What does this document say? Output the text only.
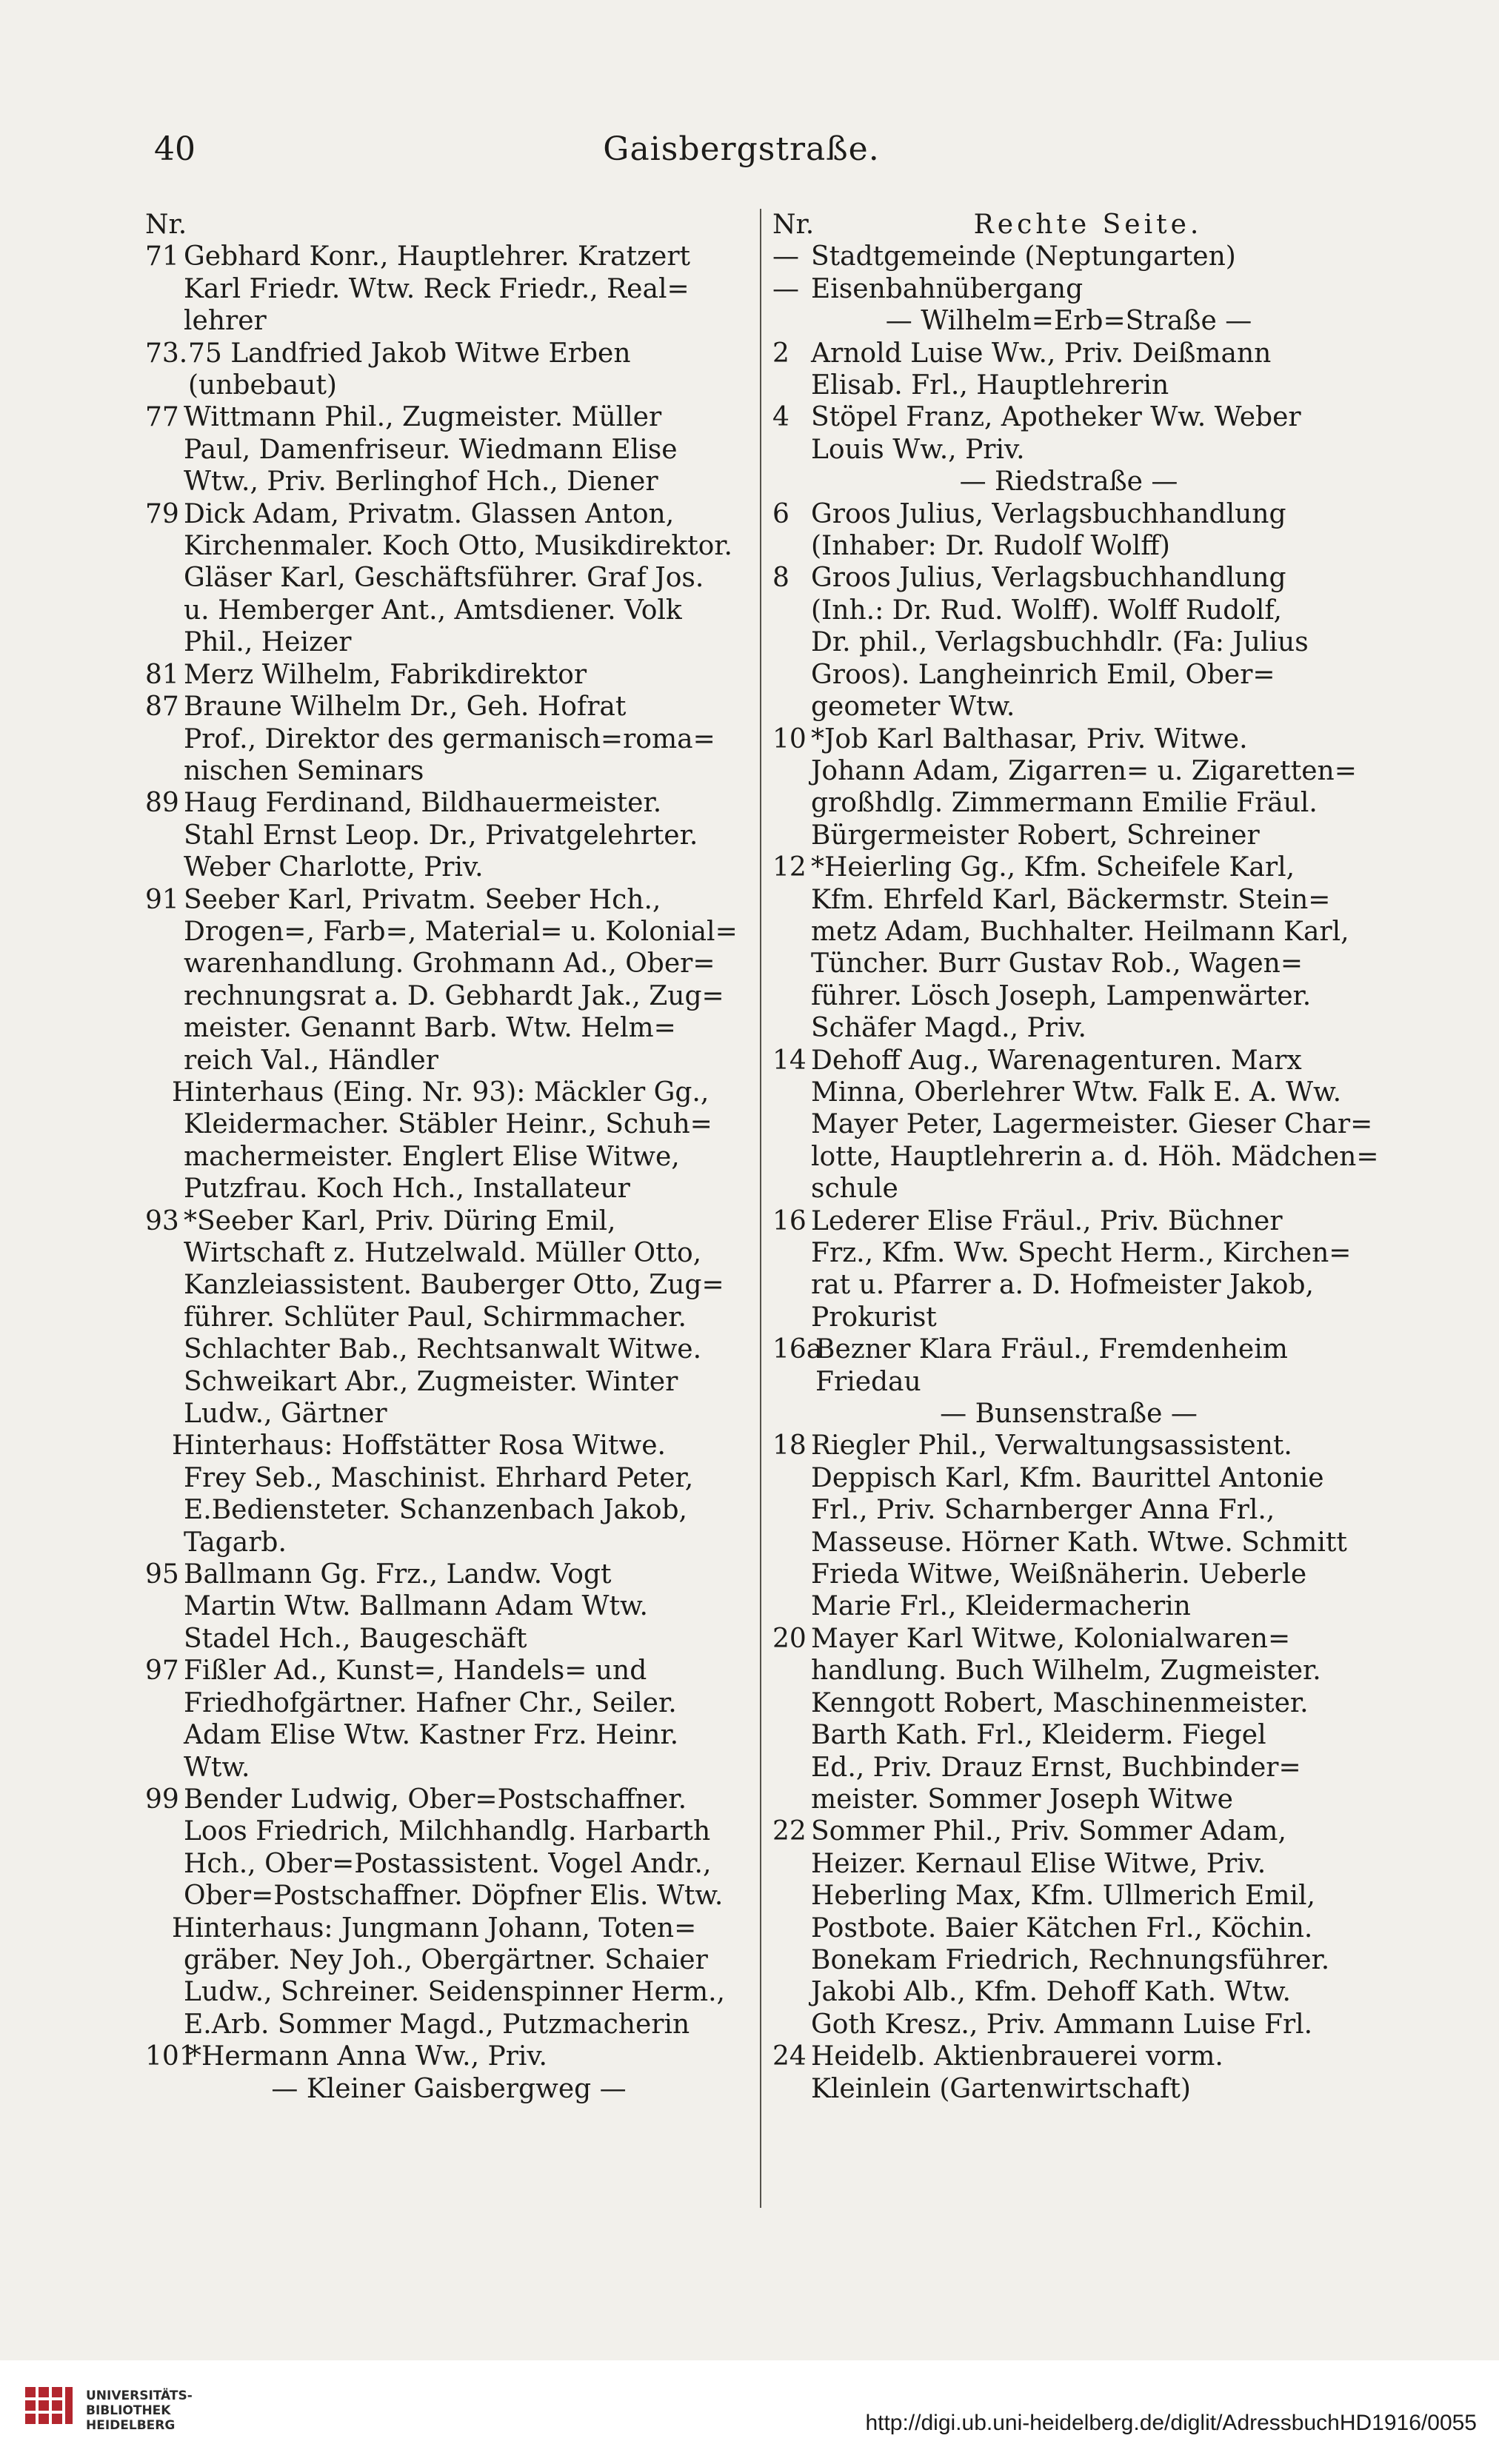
40	Gaisbergstraße.
Nr.
71 Gebhard Konr., Hauptlehrer. Kratzert
Karl Friedr. Wtw. Reck Friedr., Real=
lehrer
73. 75 Landfried Jakob Witwe Erben
(unbebaut)
77 Wittmann Phil., Zugmeister. Müller
Paul, Damenfriseur. Wiedmann Elise
Wtw., Priv. Berlinghof Hch., Diener
79 Dick Adam, Privatm. Glassen Anton,
Kirchenmaler. Koch Otto, Musikdirektor.
Gläser Karl, Geschäftsführer. Graf Jos.
u. Hemberger Ant., Amtsdiener. Volk
Phil., Heizer
81 Merz Wilhelm, Fabrikdirektor
87 Braune Wilhelm Dr., Geh. Hofrat
Prof., Direktor des germanisch=roma=
nischen Seminars
89 Haug Ferdinand, Bildhauermeister.
Stahl Ernst Leop. Dr., Privatgelehrter.
Weber Charlotte, Priv.
91 Seeber Karl, Privatm. Seeber Hch.,
Drogen=, Farb=, Material= u. Kolonial=
warenhandlung. Grohmann Ad., Ober=
rechnungsrat a. D. Gebhardt Jak., Zug=
meister. Genannt Barb. Wtw. Helm=
reich Val., Händler
Hinterhaus (Eing. Nr. 93): Mäckler Gg.,
Kleidermacher. Stäbler Heinr., Schuh=
machermeister. Englert Elise Witwe,
Putzfrau. Koch Hch., Installateur
93 *Seeber Karl, Priv. Düring Emil,
Wirtschaft z. Hutzelwald. Müller Otto,
Kanzleiassistent. Bauberger Otto, Zug=
führer. Schlüter Paul, Schirmmacher.
Schlachter Bab., Rechtsanwalt Witwe.
Schweikart Abr., Zugmeister. Winter
Ludw., Gärtner
Hinterhaus: Hoffstätter Rosa Witwe.
Frey Seb., Maschinist. Ehrhard Peter,
E.Bediensteter. Schanzenbach Jakob,
Tagarb.
95 Ballmann Gg. Frz., Landw. Vogt
Martin Wtw. Ballmann Adam Wtw.
Stadel Hch., Baugeschäft
97 Fißler Ad., Kunst=, Handels= und
Friedhofgärtner. Hafner Chr., Seiler.
Adam Elise Wtw. Kastner Frz. Heinr.
Wtw.
99 Bender Ludwig, Ober=Postschaffner.
Loos Friedrich, Milchhandlg. Harbarth
Hch., Ober=Postassistent. Vogel Andr.,
Ober=Postschaffner. Döpfner Elis. Wtw.
Hinterhaus: Jungmann Johann, Toten=
gräber. Ney Joh., Obergärtner. Schaier
Ludw., Schreiner. Seidenspinner Herm.,
E.Arb. Sommer Magd., Putzmacherin
101
*Hermann Anna Ww., Priv.
— Kleiner Gaisbergweg —
Nr.	Rechte Seite.
— Stadtgemeinde (Neptungarten)
— Eisenbahnübergang
— Wilhelm=Erb=Straße —
2 Arnold Luise Ww., Priv. Deißmann
Elisab. Frl., Hauptlehrerin
4 Stöpel Franz, Apotheker Ww. Weber
Louis Ww., Priv.
— Riedstraße —
6 Groos Julius, Verlagsbuchhandlung
(Inhaber: Dr. Rudolf Wolff)
8 Groos Julius, Verlagsbuchhandlung
(Inh.: Dr. Rud. Wolff). Wolff Rudolf,
Dr. phil., Verlagsbuchhdlr. (Fa: Julius
Groos). Langheinrich Emil, Ober=
geometer Wtw.
10 *Job Karl Balthasar, Priv. Witwe.
Johann Adam, Zigarren= u. Zigaretten=
großhdlg. Zimmermann Emilie Fräul.
Bürgermeister Robert, Schreiner
12 *Heierling Gg., Kfm. Scheifele Karl,
Kfm. Ehrfeld Karl, Bäckermstr. Stein=
metz Adam, Buchhalter. Heilmann Karl,
Tüncher. Burr Gustav Rob., Wagen=
führer. Lösch Joseph, Lampenwärter.
Schäfer Magd., Priv.
14 Dehoff Aug., Warenagenturen. Marx
Minna, Oberlehrer Wtw. Falk E. A. Ww.
Mayer Peter, Lagermeister. Gieser Char=
lotte, Hauptlehrerin a. d. Höh. Mädchen=
schule
16 Lederer Elise Fräul., Priv. Büchner
Frz., Kfm. Ww. Specht Herm., Kirchen=
rat u. Pfarrer a. D. Hofmeister Jakob,
Prokurist
16a
Bezner Klara Fräul., Fremdenheim
Friedau
— Bunsenstraße —
18 Riegler Phil., Verwaltungsassistent.
Deppisch Karl, Kfm. Baurittel Antonie
Frl., Priv. Scharnberger Anna Frl.,
Masseuse. Hörner Kath. Wtwe. Schmitt
Frieda Witwe, Weißnäherin. Ueberle
Marie Frl., Kleidermacherin
20 Mayer Karl Witwe, Kolonialwaren=
handlung. Buch Wilhelm, Zugmeister.
Kenngott Robert, Maschinenmeister.
Barth Kath. Frl., Kleiderm. Fiegel
Ed., Priv. Drauz Ernst, Buchbinder=
meister. Sommer Joseph Witwe
22 Sommer Phil., Priv. Sommer Adam,
Heizer. Kernaul Elise Witwe, Priv.
Heberling Max, Kfm. Ullmerich Emil,
Postbote. Baier Kätchen Frl., Köchin.
Bonekam Friedrich, Rechnungsführer.
Jakobi Alb., Kfm. Dehoff Kath. Wtw.
Goth Kresz., Priv. Ammann Luise Frl.
24 Heidelb. Aktienbrauerei vorm.
Kleinlein (Gartenwirtschaft)
UNIVERSITÄTS-
BIBLIOTHEK
HEIDELBERG	http://digi.ub.uni-heidelberg.de/diglit/AdressbuchHD1916/0055
